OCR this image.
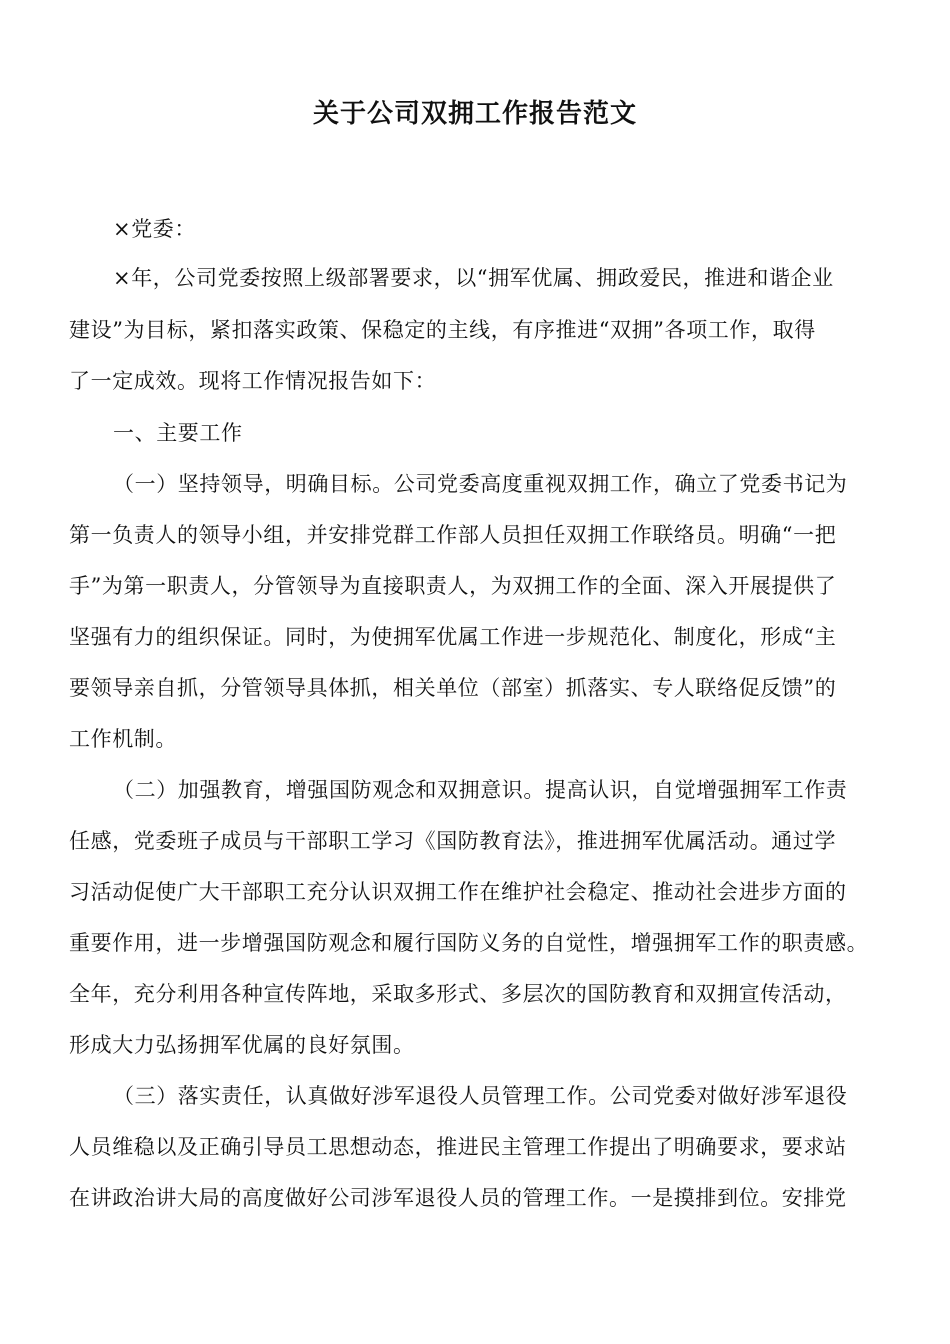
关于公司双拥工作报告范文

×党委：

×年，公司党委按照上级部署要求，以“拥军优属、拥政爱民，推进和谐企业

建设”为目标，紧扣落实政策、保稳定的主线，有序推进“双拥”各项工作，取得

了一定成效。现将工作情况报告如下：

一、主要工作

（一）坚持领导，明确目标。公司党委高度重视双拥工作，确立了党委书记为

第一负责人的领导小组，并安排党群工作部人员担任双拥工作联络员。明确“一把

手”为第一职责人，分管领导为直接职责人，为双拥工作的全面、深入开展提供了

坚强有力的组织保证。同时，为使拥军优属工作进一步规范化、制度化，形成“主

要领导亲自抓，分管领导具体抓，相关单位（部室）抓落实、专人联络促反馈”的

工作机制。

（二）加强教育，增强国防观念和双拥意识。提高认识，自觉增强拥军工作责

任感，党委班子成员与干部职工学习《国防教育法》，推进拥军优属活动。通过学

习活动促使广大干部职工充分认识双拥工作在维护社会稳定、推动社会进步方面的

重要作用，进一步增强国防观念和履行国防义务的自觉性，增强拥军工作的职责感。

全年，充分利用各种宣传阵地，采取多形式、多层次的国防教育和双拥宣传活动，

形成大力弘扬拥军优属的良好氛围。

（三）落实责任，认真做好涉军退役人员管理工作。公司党委对做好涉军退役

人员维稳以及正确引导员工思想动态，推进民主管理工作提出了明确要求，要求站

在讲政治讲大局的高度做好公司涉军退役人员的管理工作。一是摸排到位。安排党
